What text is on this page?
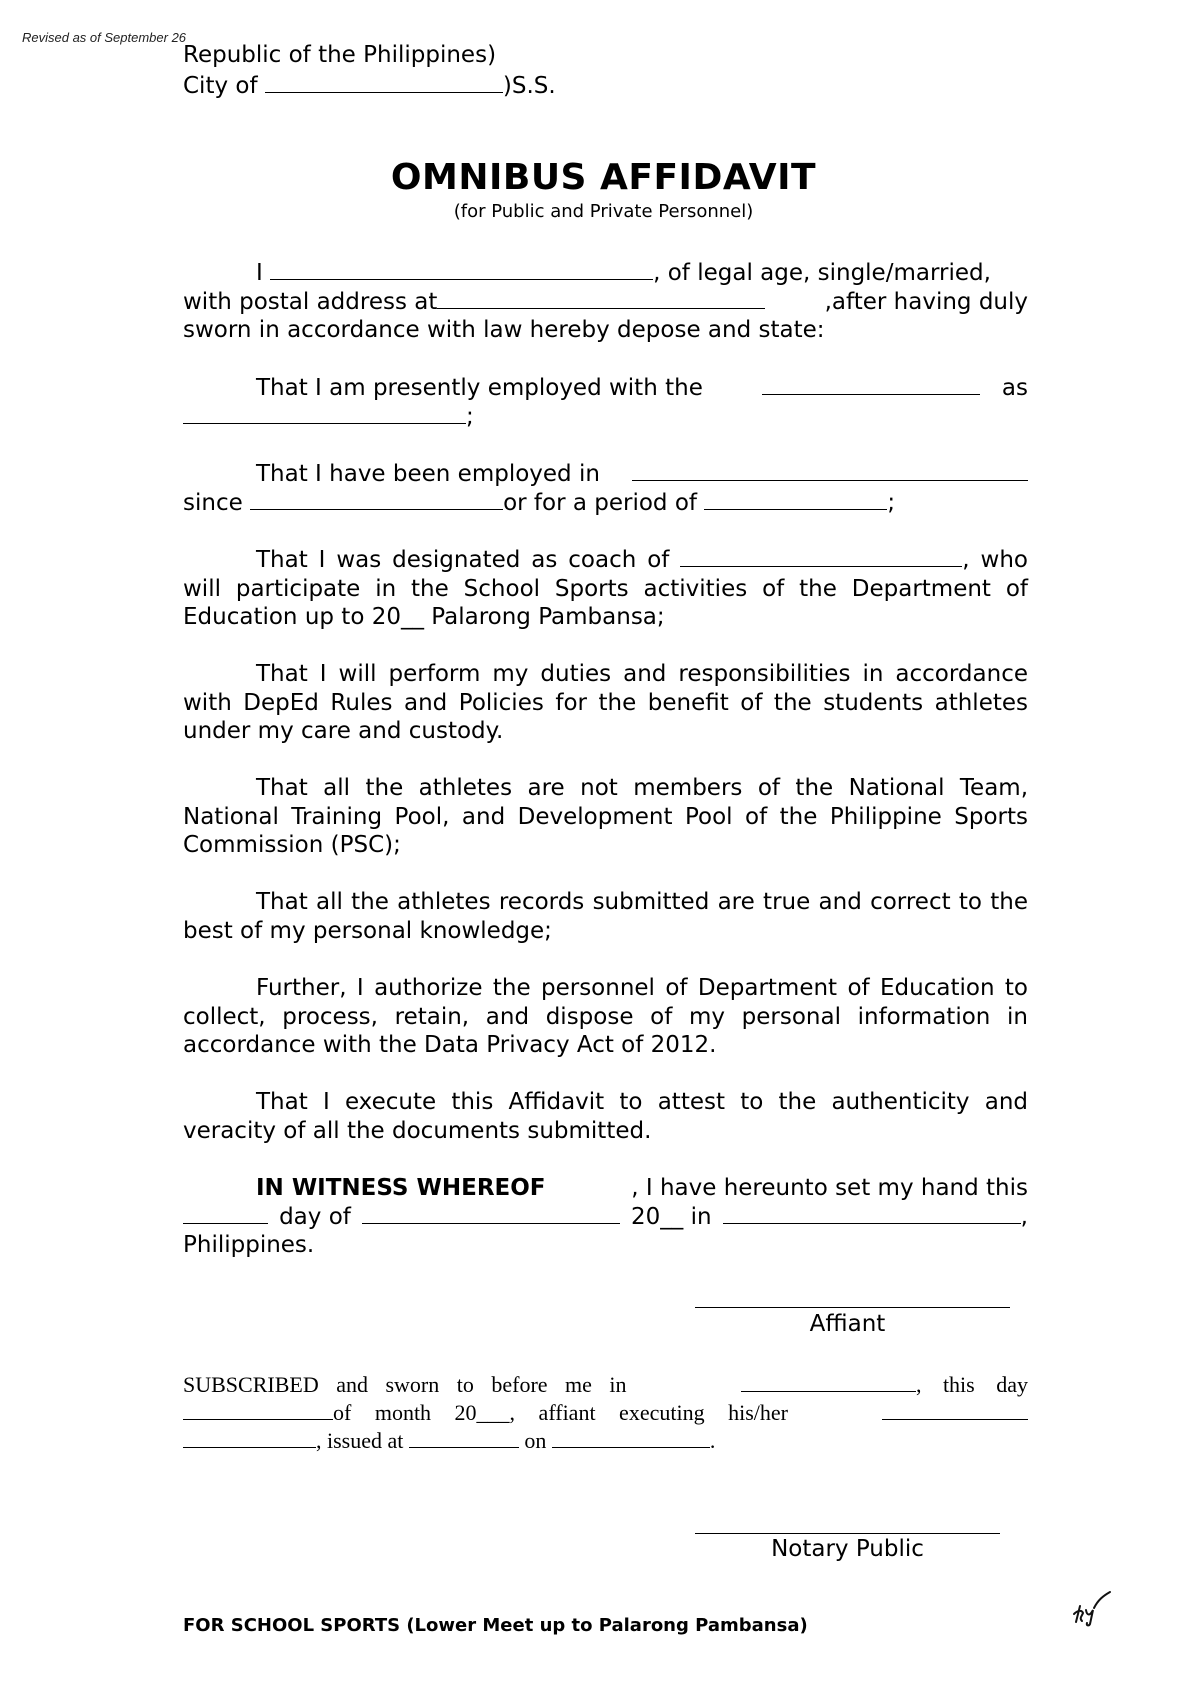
Revised as of September 26
Republic of the Philippines)
City of	)S.S.
OMNIBUS AFFIDAVIT
(for Public and Private Personnel)
I	, of legal age, single/married,
with postal address at	,after having duly
sworn in accordance with law hereby depose and state:
That I am presently employed with the	as
;
That I have been employed in
since	or for a period of	;
That I was designated as coach of	, who will participate in the School Sports activities of the Department of Education up to 20__ Palarong Pambansa;
That I will perform my duties and responsibilities in accordance with DepEd Rules and Policies for the benefit of the students athletes under my care and custody.
That all the athletes are not members of the National Team, National Training Pool, and Development Pool of the Philippine Sports Commission (PSC);
That all the athletes records submitted are true and correct to the best of my personal knowledge;
Further, I authorize the personnel of Department of Education to collect, process, retain, and dispose of my personal information in accordance with the Data Privacy Act of 2012.
That I execute this Affidavit to attest to the authenticity and veracity of all the documents submitted.
IN WITNESS WHEREOF	, I have hereunto set my hand this
day of	20__ in	,
Philippines.
Affiant
SUBSCRIBED and sworn to before me in	, this day
of month 20___, affiant executing his/her
, issued at	on	.
Notary Public
FOR SCHOOL SPORTS (Lower Meet up to Palarong Pambansa)
